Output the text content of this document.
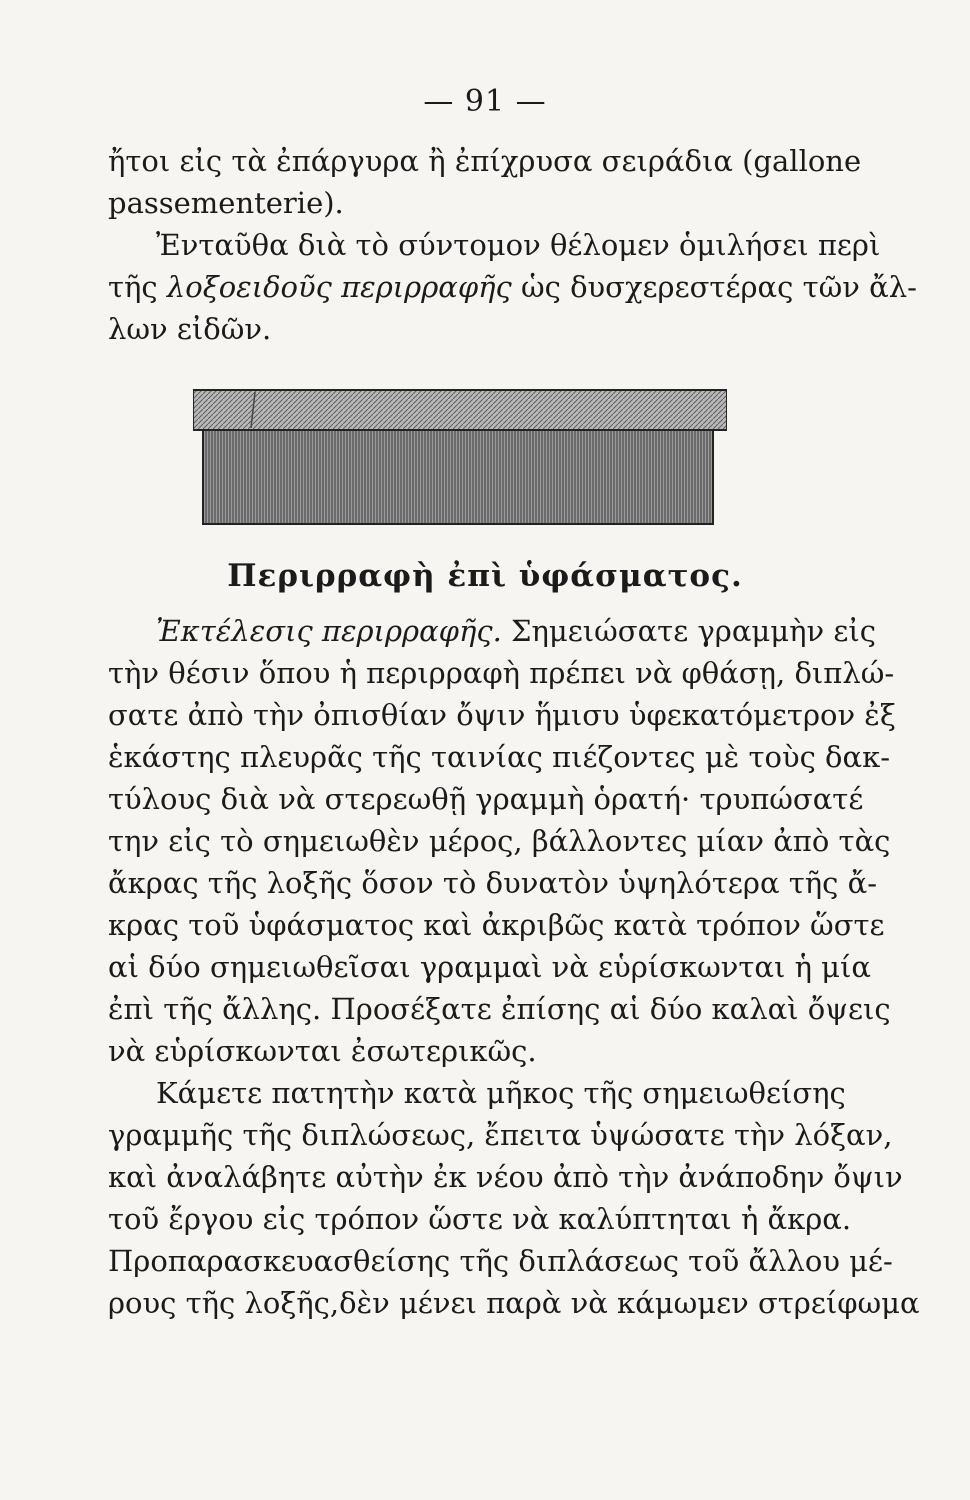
— 91 —
ἤτοι εἰς τὰ ἐπάργυρα ἢ ἐπίχρυσα σειράδια (gallone
passementerie).
Ἐνταῦθα διὰ τὸ σύντομον θέλομεν ὁμιλήσει περὶ
τῆς λοξοειδοῦς περιρραφῆς ὡς δυσχερεστέρας τῶν ἄλ-
λων εἰδῶν.
Περιρραφὴ ἐπὶ ὑφάσματος.
Ἐκτέλεσις περιρραφῆς. Σημειώσατε γραμμὴν εἰς
τὴν θέσιν ὅπου ἡ περιρραφὴ πρέπει νὰ φθάσῃ, διπλώ-
σατε ἀπὸ τὴν ὀπισθίαν ὄψιν ἥμισυ ὑφεκατόμετρον ἐξ
ἑκάστης πλευρᾶς τῆς ταινίας πιέζοντες μὲ τοὺς δακ-
τύλους διὰ νὰ στερεωθῇ γραμμὴ ὁρατή· τρυπώσατέ
την εἰς τὸ σημειωθὲν μέρος, βάλλοντες μίαν ἀπὸ τὰς
ἄκρας τῆς λοξῆς ὅσον τὸ δυνατὸν ὑψηλότερα τῆς ἄ-
κρας τοῦ ὑφάσματος καὶ ἀκριβῶς κατὰ τρόπον ὥστε
αἱ δύο σημειωθεῖσαι γραμμαὶ νὰ εὑρίσκωνται ἡ μία
ἐπὶ τῆς ἄλλης. Προσέξατε ἐπίσης αἱ δύο καλαὶ ὄψεις
νὰ εὑρίσκωνται ἐσωτερικῶς.
Κάμετε πατητὴν κατὰ μῆκος τῆς σημειωθείσης
γραμμῆς τῆς διπλώσεως, ἔπειτα ὑψώσατε τὴν λόξαν,
καὶ ἀναλάβητε αὐτὴν ἐκ νέου ἀπὸ τὴν ἀνάποδην ὄψιν
τοῦ ἔργου εἰς τρόπον ὥστε νὰ καλύπτηται ἡ ἄκρα.
Προπαρασκευασθείσης τῆς διπλάσεως τοῦ ἄλλου μέ-
ρους τῆς λοξῆς,δὲν μένει παρὰ νὰ κάμωμεν στρείφωμα
